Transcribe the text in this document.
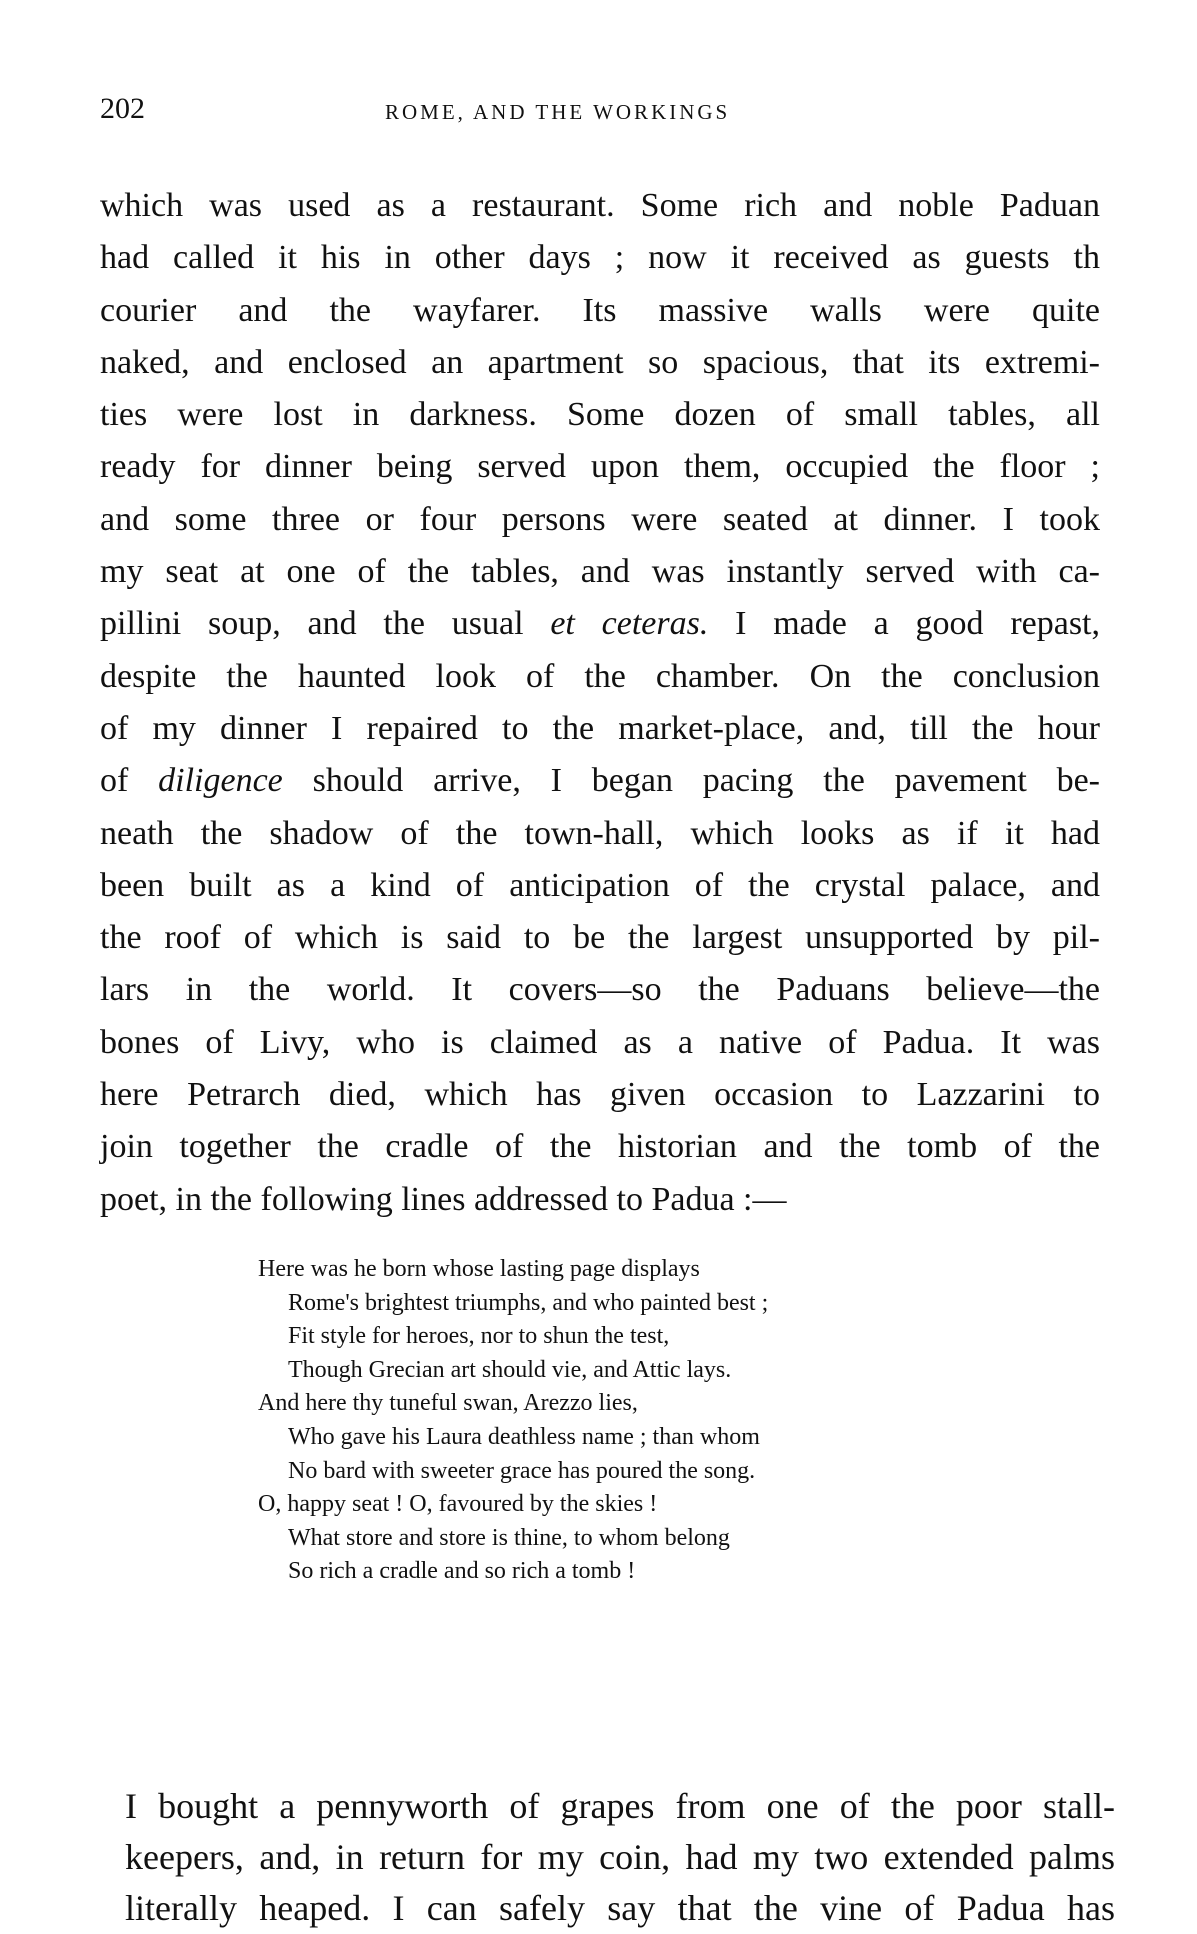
202	ROME, AND THE WORKINGS
which was used as a restaurant. Some rich and noble Paduan
had called it his in other days ; now it received as guests th
courier and the wayfarer. Its massive walls were quite
naked, and enclosed an apartment so spacious, that its extremi-
ties were lost in darkness. Some dozen of small tables, all
ready for dinner being served upon them, occupied the floor ;
and some three or four persons were seated at dinner. I took
my seat at one of the tables, and was instantly served with ca-
pillini soup, and the usual et ceteras. I made a good repast,
despite the haunted look of the chamber. On the conclusion
of my dinner I repaired to the market-place, and, till the hour
of diligence should arrive, I began pacing the pavement be-
neath the shadow of the town-hall, which looks as if it had
been built as a kind of anticipation of the crystal palace, and
the roof of which is said to be the largest unsupported by pil-
lars in the world. It covers—so the Paduans believe—the
bones of Livy, who is claimed as a native of Padua. It was
here Petrarch died, which has given occasion to Lazzarini to
join together the cradle of the historian and the tomb of the
poet, in the following lines addressed to Padua :—
Here was he born whose lasting page displays
Rome's brightest triumphs, and who painted best ;
Fit style for heroes, nor to shun the test,
Though Grecian art should vie, and Attic lays.
And here thy tuneful swan, Arezzo lies,
Who gave his Laura deathless name ; than whom
No bard with sweeter grace has poured the song.
O, happy seat ! O, favoured by the skies !
What store and store is thine, to whom belong
So rich a cradle and so rich a tomb !
I bought a pennyworth of grapes from one of the poor stall-
keepers, and, in return for my coin, had my two extended palms
literally heaped. I can safely say that the vine of Padua has
